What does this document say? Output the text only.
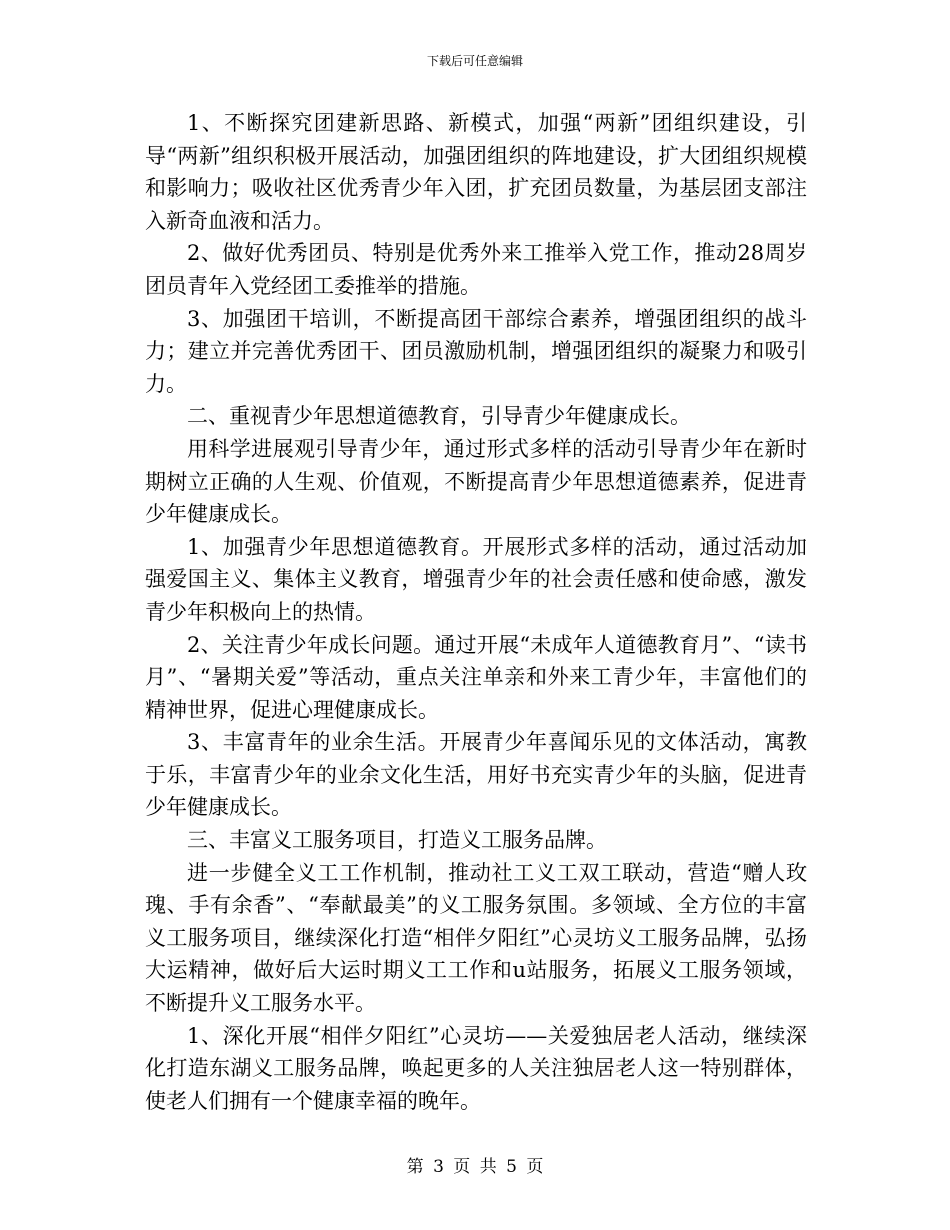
下载后可任意编辑

1、不断探究团建新思路、新模式，加强“两新”团组织建设，引导“两新”组织积极开展活动，加强团组织的阵地建设，扩大团组织规模和影响力；吸收社区优秀青少年入团，扩充团员数量，为基层团支部注入新奇血液和活力。

2、做好优秀团员、特别是优秀外来工推举入党工作，推动28周岁团员青年入党经团工委推举的措施。

3、加强团干培训，不断提高团干部综合素养，增强团组织的战斗力；建立并完善优秀团干、团员激励机制，增强团组织的凝聚力和吸引力。

二、重视青少年思想道德教育，引导青少年健康成长。

用科学进展观引导青少年，通过形式多样的活动引导青少年在新时期树立正确的人生观、价值观，不断提高青少年思想道德素养，促进青少年健康成长。

1、加强青少年思想道德教育。开展形式多样的活动，通过活动加强爱国主义、集体主义教育，增强青少年的社会责任感和使命感，激发青少年积极向上的热情。

2、关注青少年成长问题。通过开展“未成年人道德教育月”、“读书月”、“暑期关爱”等活动，重点关注单亲和外来工青少年，丰富他们的精神世界，促进心理健康成长。

3、丰富青年的业余生活。开展青少年喜闻乐见的文体活动，寓教于乐，丰富青少年的业余文化生活，用好书充实青少年的头脑，促进青少年健康成长。

三、丰富义工服务项目，打造义工服务品牌。

进一步健全义工工作机制，推动社工义工双工联动，营造“赠人玫瑰、手有余香”、“奉献最美”的义工服务氛围。多领域、全方位的丰富义工服务项目，继续深化打造“相伴夕阳红”心灵坊义工服务品牌，弘扬大运精神，做好后大运时期义工工作和u站服务，拓展义工服务领域，不断提升义工服务水平。

1、深化开展“相伴夕阳红”心灵坊——关爱独居老人活动，继续深化打造东湖义工服务品牌，唤起更多的人关注独居老人这一特别群体，使老人们拥有一个健康幸福的晚年。

第 3 页 共 5 页
